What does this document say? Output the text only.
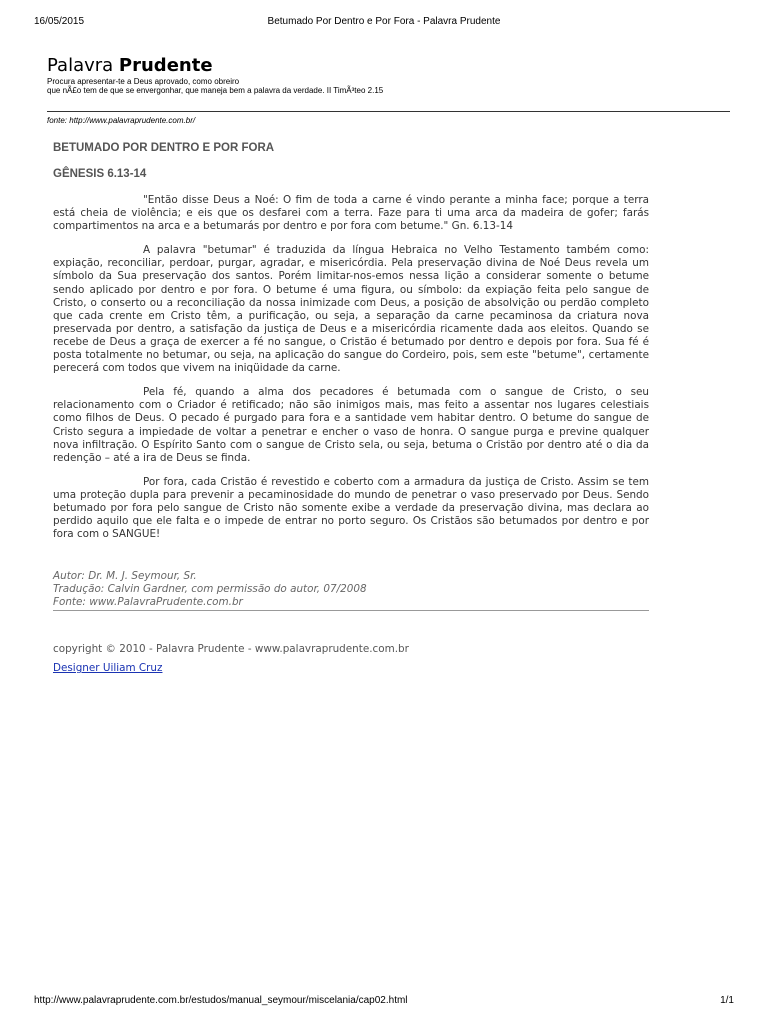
16/05/2015	Betumado Por Dentro e Por Fora - Palavra Prudente
Palavra Prudente
Procura apresentar-te a Deus aprovado, como obreiro
que nÃ£o tem de que se envergonhar, que maneja bem a palavra da verdade. II TimÃ³teo 2.15
fonte: http://www.palavraprudente.com.br/
BETUMADO POR DENTRO E POR FORA
GÊNESIS 6.13-14

"Então disse Deus a Noé: O fim de toda a carne é vindo perante a minha face; porque a terra está cheia de violência; e eis que os desfarei com a terra. Faze para ti uma arca da madeira de gofer; farás compartimentos na arca e a betumarás por dentro e por fora com betume." Gn. 6.13-14

A palavra "betumar" é traduzida da língua Hebraica no Velho Testamento também como: expiação, reconciliar, perdoar, purgar, agradar, e misericórdia. Pela preservação divina de Noé Deus revela um símbolo da Sua preservação dos santos. Porém limitar-nos-emos nessa lição a considerar somente o betume sendo aplicado por dentro e por fora. O betume é uma figura, ou símbolo: da expiação feita pelo sangue de Cristo, o conserto ou a reconciliação da nossa inimizade com Deus, a posição de absolvição ou perdão completo que cada crente em Cristo têm, a purificação, ou seja, a separação da carne pecaminosa da criatura nova preservada por dentro, a satisfação da justiça de Deus e a misericórdia ricamente dada aos eleitos. Quando se recebe de Deus a graça de exercer a fé no sangue, o Cristão é betumado por dentro e depois por fora. Sua fé é posta totalmente no betumar, ou seja, na aplicação do sangue do Cordeiro, pois, sem este "betume", certamente perecerá com todos que vivem na iniqüidade da carne.

Pela fé, quando a alma dos pecadores é betumada com o sangue de Cristo, o seu relacionamento com o Criador é retificado; não são inimigos mais, mas feito a assentar nos lugares celestiais como filhos de Deus. O pecado é purgado para fora e a santidade vem habitar dentro. O betume do sangue de Cristo segura a impiedade de voltar a penetrar e encher o vaso de honra. O sangue purga e previne qualquer nova infiltração. O Espírito Santo com o sangue de Cristo sela, ou seja, betuma o Cristão por dentro até o dia da redenção – até a ira de Deus se finda.

Por fora, cada Cristão é revestido e coberto com a armadura da justiça de Cristo. Assim se tem uma proteção dupla para prevenir a pecaminosidade do mundo de penetrar o vaso preservado por Deus. Sendo betumado por fora pelo sangue de Cristo não somente exibe a verdade da preservação divina, mas declara ao perdido aquilo que ele falta e o impede de entrar no porto seguro. Os Cristãos são betumados por dentro e por fora com o SANGUE!

Autor: Dr. M. J. Seymour, Sr.

Tradução: Calvin Gardner, com permissão do autor, 07/2008

Fonte: www.PalavraPrudente.com.br

copyright © 2010 - Palavra Prudente - www.palavraprudente.com.br

Designer Uiliam Cruz
http://www.palavraprudente.com.br/estudos/manual_seymour/miscelania/cap02.html	1/1
